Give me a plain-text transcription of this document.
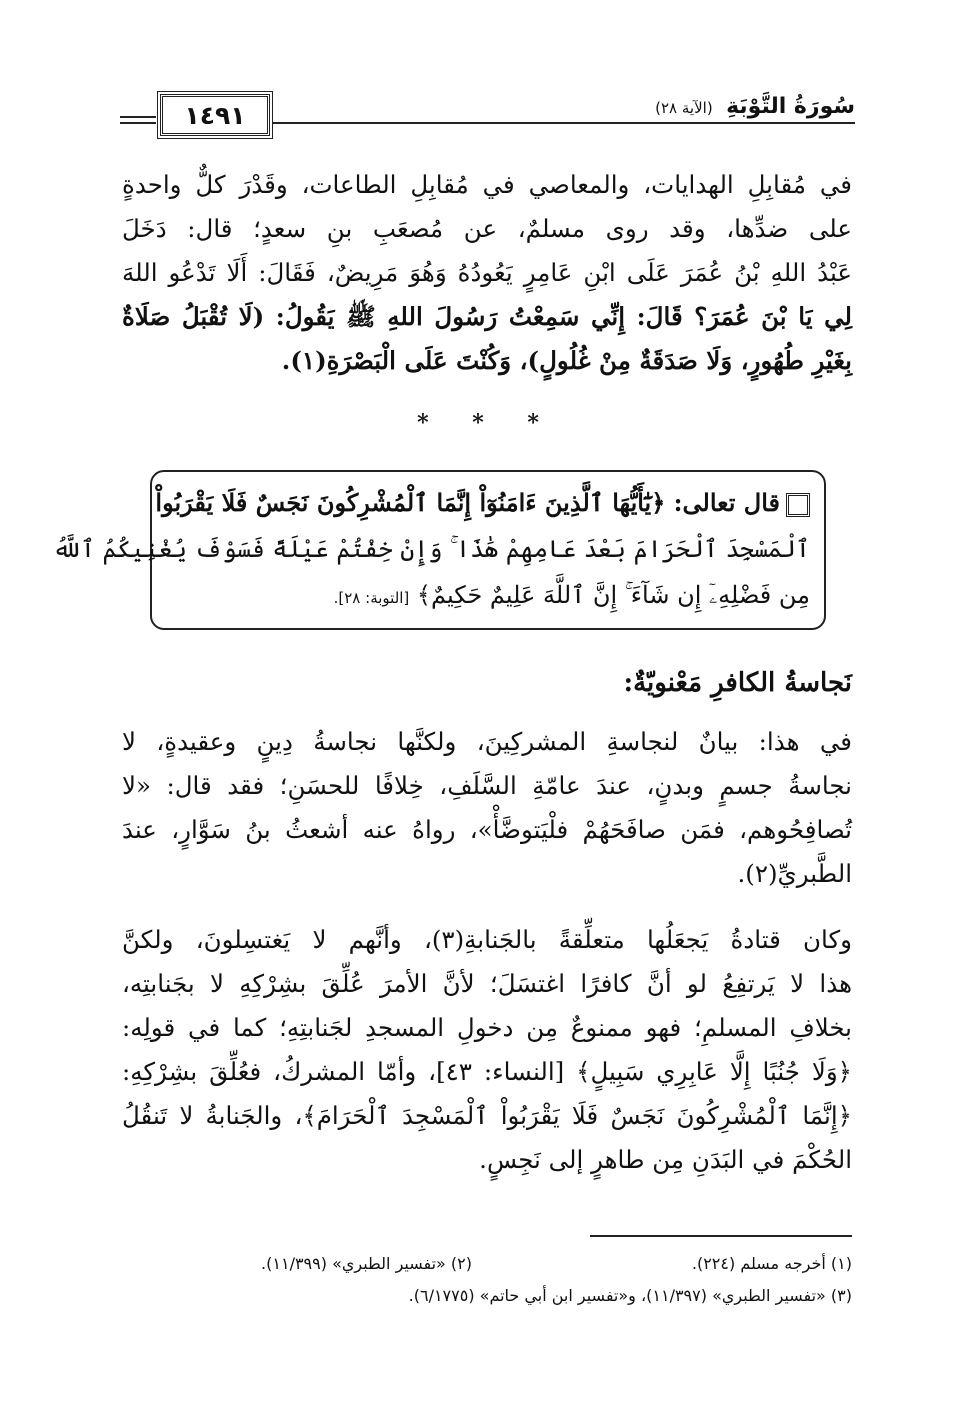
١٤٩١	سُورَةُ التَّوْبَةِ (الآية ٢٨)
في مُقابِلِ الهدايات، والمعاصي في مُقابِلِ الطاعات، وقَدْرَ كلٌّ واحدةٍ
على ضدِّها، وقد روى مسلمٌ، عن مُصعَبِ بنِ سعدٍ؛ قال: دَخَلَ
عَبْدُ اللهِ بْنُ عُمَرَ عَلَى ابْنِ عَامِرٍ يَعُودُهُ وَهُوَ مَرِيضٌ، فَقَالَ: أَلَا تَدْعُو اللهَ
لِي يَا بْنَ عُمَرَ؟ قَالَ: إِنِّي سَمِعْتُ رَسُولَ اللهِ ﷺ يَقُولُ: (لَا تُقْبَلُ صَلَاةٌ
بِغَيْرِ طُهُورٍ، وَلَا صَدَقَةٌ مِنْ غُلُولٍ)، وَكُنْتَ عَلَى الْبَصْرَةِ(١).
* * *
قال تعالى: ﴿يَٰٓأَيُّهَا ٱلَّذِينَ ءَامَنُوٓاْ إِنَّمَا ٱلْمُشْرِكُونَ نَجَسٌ فَلَا يَقْرَبُواْ
ٱلْمَسْجِدَ ٱلْحَرَامَ بَعْدَ عَامِهِمْ هَٰذَا ۚ وَإِنْ خِفْتُمْ عَيْلَةً فَسَوْفَ يُغْنِيكُمُ ٱللَّهُ
مِن فَضْلِهِۦٓ إِن شَآءَ ۚ إِنَّ ٱللَّهَ عَلِيمٌ حَكِيمٌ﴾ [التوبة: ٢٨].
نَجاسةُ الكافرِ مَعْنويّةٌ:
في هذا: بيانٌ لنجاسةِ المشركِينَ، ولكنَّها نجاسةُ دِينٍ وعقيدةٍ، لا
نجاسةُ جسمٍ وبدنٍ، عندَ عامّةِ السَّلَفِ، خِلافًا للحسَنِ؛ فقد قال: «لا
تُصافِحُوهم، فمَن صافَحَهُمْ فلْيَتوضَّأْ»، رواهُ عنه أشعثُ بنُ سَوَّارٍ، عندَ
الطَّبريِّ(٢).
وكان قتادةُ يَجعَلُها متعلِّقةً بالجَنابةِ(٣)، وأنَّهم لا يَغتسِلونَ، ولكنَّ
هذا لا يَرتفِعُ لو أنَّ كافرًا اغتسَلَ؛ لأنَّ الأمرَ عُلِّقَ بشِرْكِهِ لا بجَنابتِه،
بخلافِ المسلمِ؛ فهو ممنوعٌ مِن دخولِ المسجدِ لجَنابتِهِ؛ كما في قولِه:
﴿وَلَا جُنُبًا إِلَّا عَابِرِي سَبِيلٍ﴾ [النساء: ٤٣]، وأمّا المشركُ، فعُلِّقَ بشِرْكِهِ:
﴿إِنَّمَا ٱلْمُشْرِكُونَ نَجَسٌ فَلَا يَقْرَبُواْ ٱلْمَسْجِدَ ٱلْحَرَامَ﴾، والجَنابةُ لا تَنقُلُ
الحُكْمَ في البَدَنِ مِن طاهرٍ إلى نَجِسٍ.
(١) أخرجه مسلم (٢٢٤).
(٢) «تفسير الطبري» (١١/٣٩٩).
(٣) «تفسير الطبري» (١١/٣٩٧)، و«تفسير ابن أبي حاتم» (٦/١٧٧٥).
